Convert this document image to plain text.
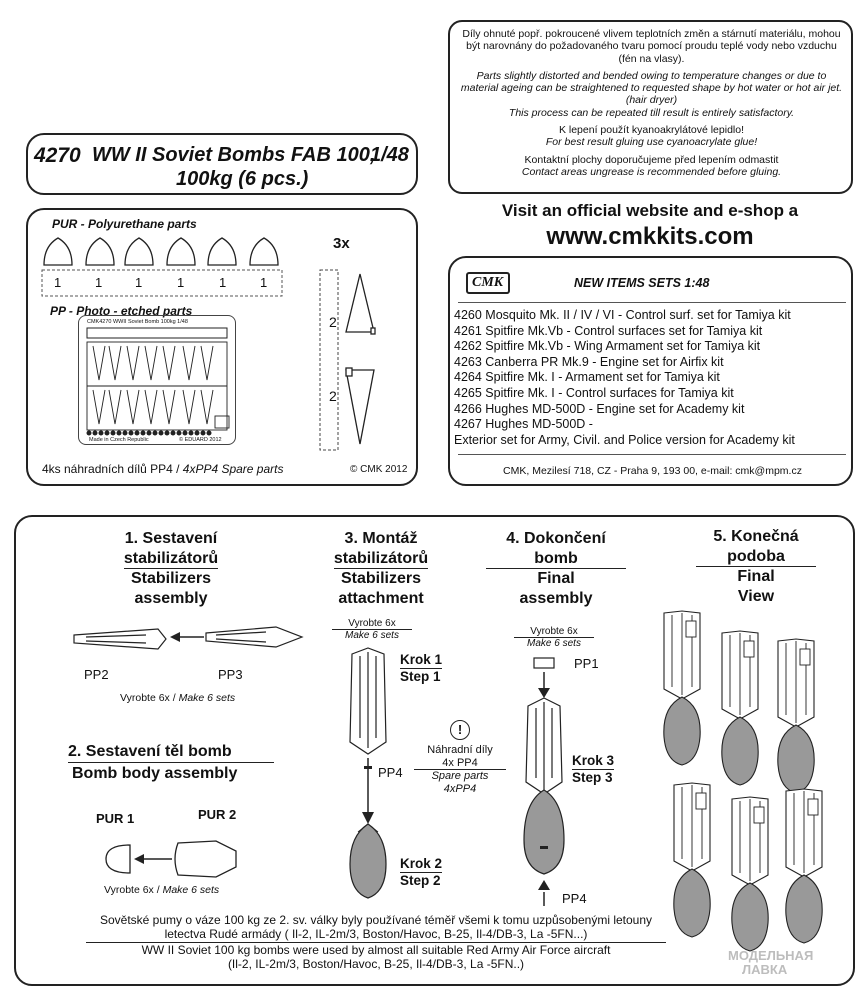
4270 WW II Soviet Bombs FAB 100,
1/48
100kg (6 pcs.)
Díly ohnuté popř. pokroucené vlivem teplotních změn a stárnutí materiálu, mohou být narovnány do požadovaného tvaru pomocí proudu teplé vody nebo vzduchu (fén na vlasy).
Parts slightly distorted and bended owing to temperature changes or due to material ageing can be straightened to requested shape by hot water or hot air jet. (hair dryer)
This process can be repeated till result is entirely satisfactory.
K lepení použít kyanoakrylátové lepidlo!
For best result gluing use cyanoacrylate glue!
Kontaktní plochy doporučujeme před lepením odmastit
Contact areas ungrease is recommended before gluing.
Visit an official website and e-shop a
www.cmkkits.com
PUR - Polyurethane parts
1	1	1	1	1	1
PP - Photo - etched parts
CMK4270 WWII Soviet Bomb 100kg 1/48
Made in Czech Republic	© EDUARD 2012
3x
2
2
4ks náhradních dílů PP4 / 4xPP4 Spare parts	© CMK 2012
CMK	NEW ITEMS SETS 1:48
4260 Mosquito Mk. II / IV / VI - Control surf. set for Tamiya kit
4261 Spitfire Mk.Vb - Control surfaces set for Tamiya kit
4262 Spitfire Mk.Vb - Wing Armament set for Tamiya kit
4263 Canberra PR Mk.9 - Engine set for Airfix kit
4264 Spitfire Mk. I - Armament set for Tamiya kit
4265 Spitfire Mk. I - Control surfaces for Tamiya kit
4266 Hughes MD-500D - Engine set for Academy kit
4267 Hughes MD-500D -
Exterior set for Army, Civil. and Police version for Academy kit
CMK, Mezilesí 718, CZ - Praha 9, 193 00, e-mail: cmk@mpm.cz
1. Sestavení
stabilizátorů
Stabilizers
assembly
PP2	PP3
Vyrobte 6x / Make 6 sets
2. Sestavení těl bomb
Bomb body assembly
PUR 1	PUR 2
Vyrobte 6x / Make 6 sets
3. Montáž
stabilizátorů
Stabilizers
attachment
Vyrobte 6x
Make 6 sets
Krok 1
Step 1
PP4
Krok 2
Step 2
!
Náhradní díly
4x PP4
Spare parts
4xPP4
4. Dokončení
bomb
Final
assembly
Vyrobte 6x
Make 6 sets
PP1
Krok 3
Step 3
PP4
5. Konečná
podoba
Final
View
Sovětské pumy o váze 100 kg ze 2. sv. války byly používané téměř všemi k tomu uzpůsobenými letouny
letectva Rudé armády ( Il-2, IL-2m/3, Boston/Havoc, B-25, Il-4/DB-3, La -5FN...)
WW II Soviet 100 kg bombs were used by almost all suitable Red Army Air Force aircraft
(Il-2, IL-2m/3, Boston/Havoc, B-25, Il-4/DB-3, La -5FN..)
МОДЕЛЬНАЯ
ЛАВКА
